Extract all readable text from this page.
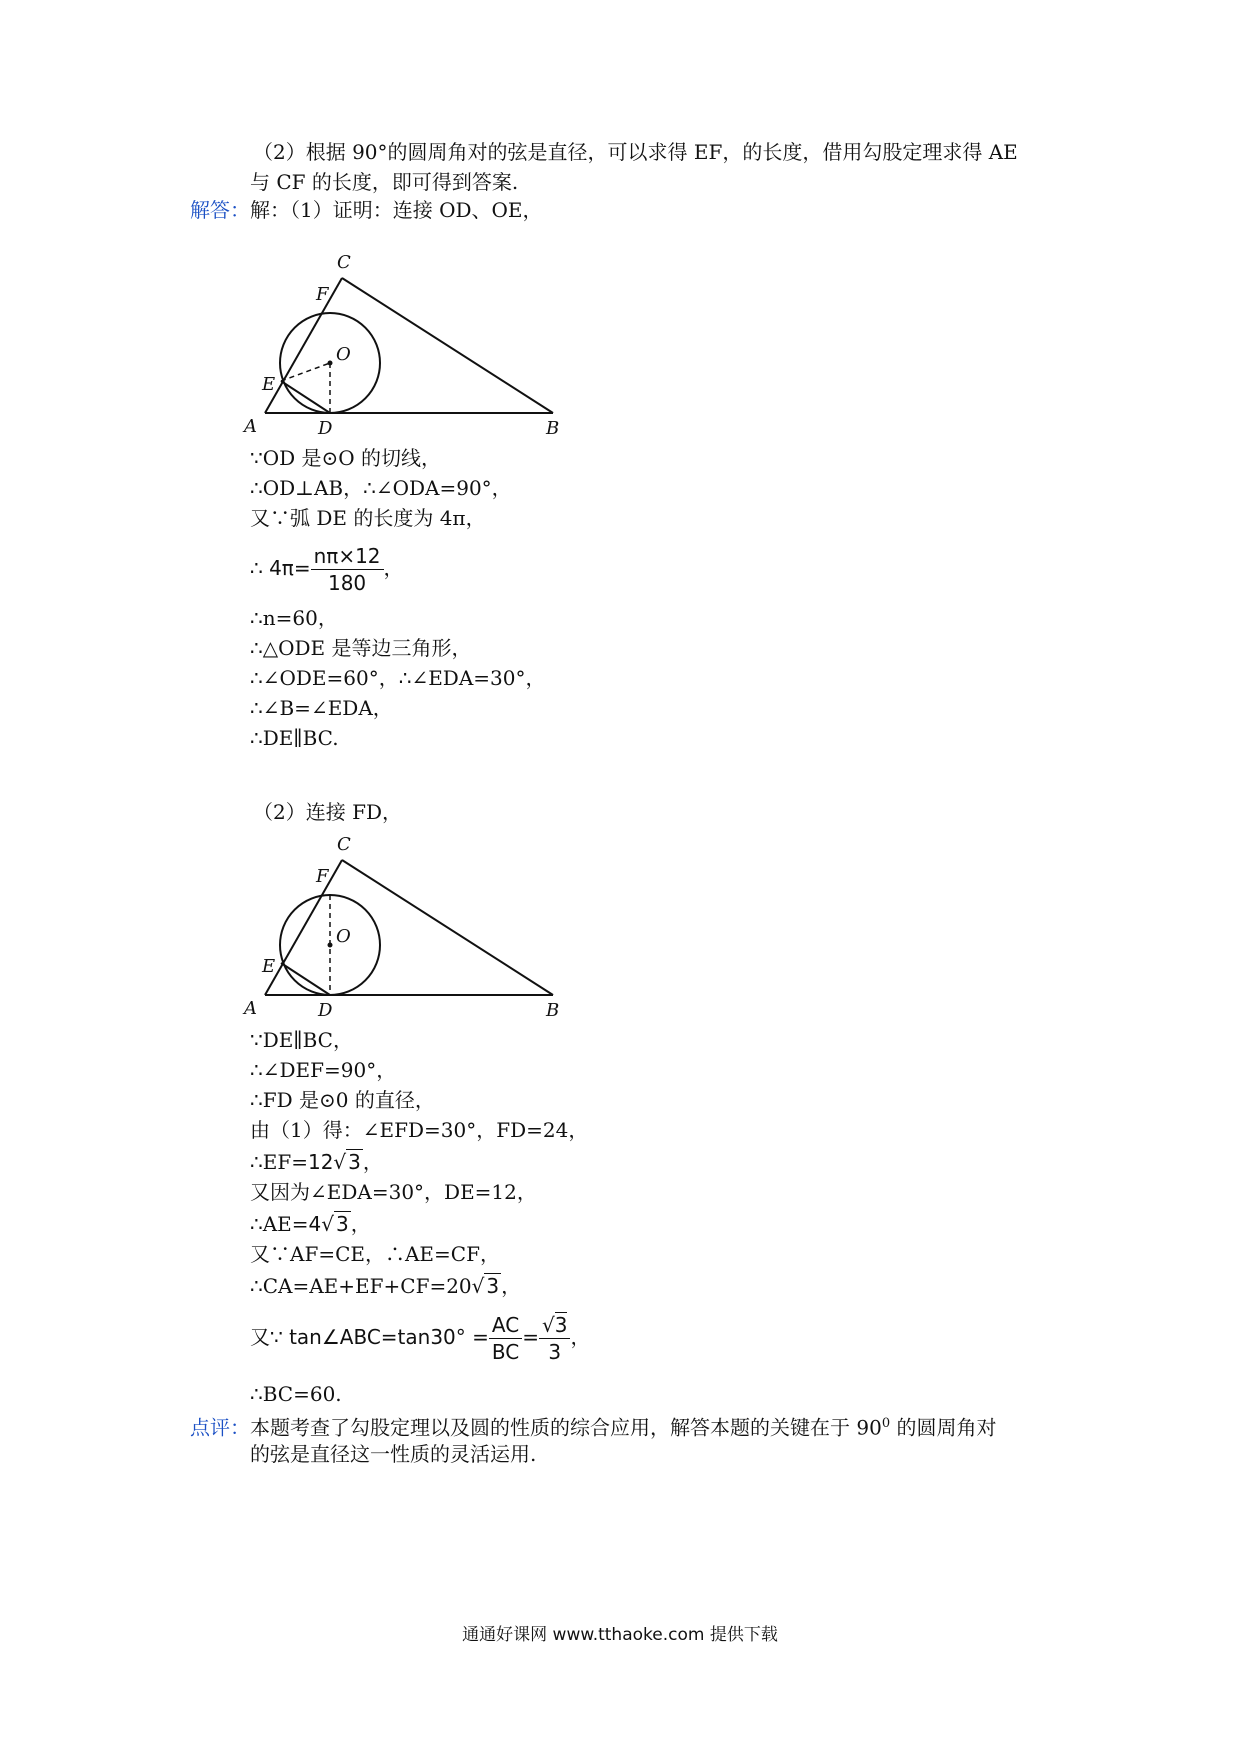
（2）根据 90°的圆周角对的弦是直径，可以求得 EF，的长度，借用勾股定理求得 AE
与 CF 的长度，即可得到答案.
解答：解：（1）证明：连接 OD、OE，
C
F
O
E
A	D	B
∵OD 是⊙O 的切线，
∴OD⊥AB，∴∠ODA=90°，
又∵弧 DE 的长度为 4π，
∴ $4\pi= \frac{n\pi\times 12}{180}$ ，
∴n=60，
∴△ODE 是等边三角形，
∴∠ODE=60°，∴∠EDA=30°，
∴∠B=∠EDA，
∴DE∥BC.
（2）连接 FD，
C
F
O
E
A	D	B
∵DE∥BC，
∴∠DEF=90°，
∴FD 是⊙0 的直径，
由（1）得：∠EFD=30°，FD=24，
∴EF=12√ 3 ，
又因为∠EDA=30°，DE=12，
∴AE=4√ 3 ，
又∵AF=CE，∴AE=CF，
∴CA=AE+EF+CF=20√ 3 ，
又∵ tan∠ABC=tan30° = $\frac{AC}{BC} = \frac{√3}{3}$ ，
∴BC=60.
点评：本题考查了勾股定理以及圆的性质的综合应用，解答本题的关键在于 $90^0$ 的圆周角对
的弦是直径这一性质的灵活运用.
通通好课网 www.tthaoke.com 提供下载
